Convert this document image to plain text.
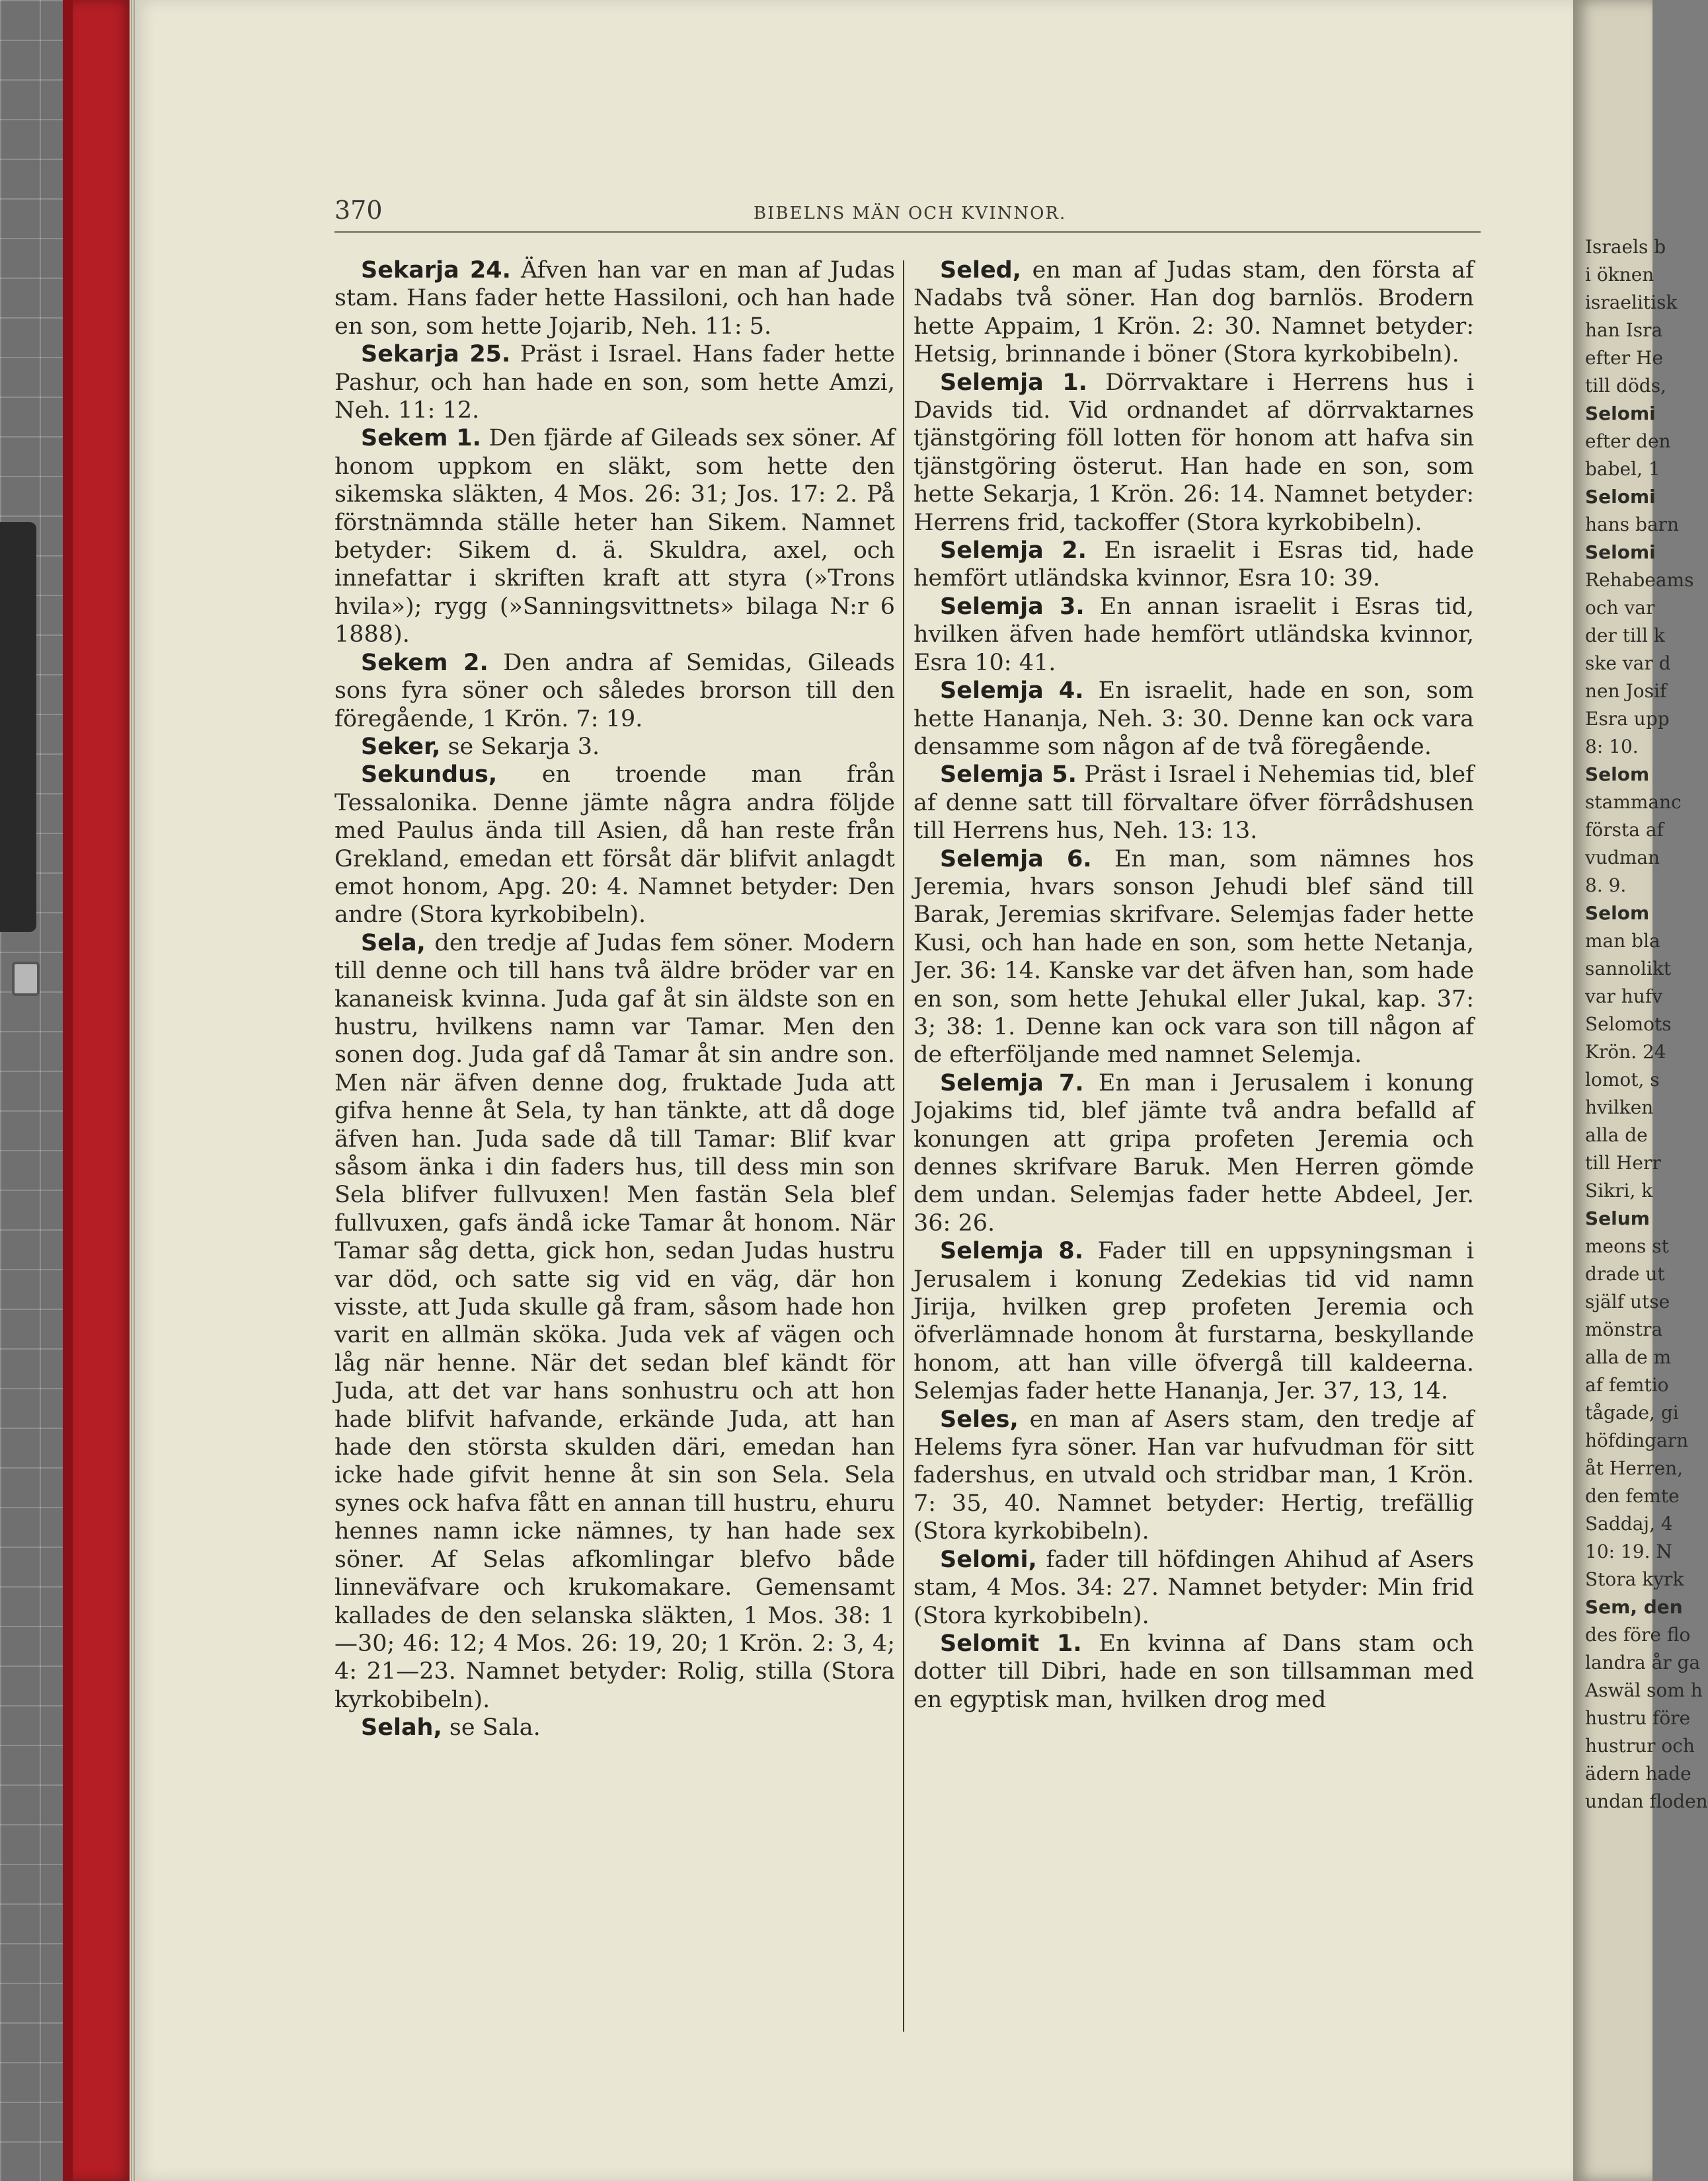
370	BIBELNS MÄN OCH KVINNOR.

Sekarja 24. Äfven han var en man af Judas stam. Hans fader hette Hassiloni, och han hade en son, som hette Jojarib, Neh. 11: 5.

Sekarja 25. Präst i Israel. Hans fader hette Pashur, och han hade en son, som hette Amzi, Neh. 11: 12.

Sekem 1. Den fjärde af Gileads sex söner. Af honom uppkom en släkt, som hette den sikemska släkten, 4 Mos. 26: 31; Jos. 17: 2. På förstnämnda ställe heter han Sikem. Namnet betyder: Sikem d. ä. Skuldra, axel, och innefattar i skriften kraft att styra (»Trons hvila»); rygg (»Sanningsvittnets» bilaga N:r 6 1888).

Sekem 2. Den andra af Semidas, Gileads sons fyra söner och således brorson till den föregående, 1 Krön. 7: 19.

Seker, se Sekarja 3.

Sekundus, en troende man från Tessalonika. Denne jämte några andra följde med Paulus ända till Asien, då han reste från Grekland, emedan ett försåt där blifvit anlagdt emot honom, Apg. 20: 4. Namnet betyder: Den andre (Stora kyrkobibeln).

Sela, den tredje af Judas fem söner. Modern till denne och till hans två äldre bröder var en kananeisk kvinna. Juda gaf åt sin äldste son en hustru, hvilkens namn var Tamar. Men den sonen dog. Juda gaf då Tamar åt sin andre son. Men när äfven denne dog, fruktade Juda att gifva henne åt Sela, ty han tänkte, att då doge äfven han. Juda sade då till Tamar: Blif kvar såsom änka i din faders hus, till dess min son Sela blifver fullvuxen! Men fastän Sela blef fullvuxen, gafs ändå icke Tamar åt honom. När Tamar såg detta, gick hon, sedan Judas hustru var död, och satte sig vid en väg, där hon visste, att Juda skulle gå fram, såsom hade hon varit en allmän sköka. Juda vek af vägen och låg när henne. När det sedan blef kändt för Juda, att det var hans sonhustru och att hon hade blifvit hafvande, erkände Juda, att han hade den största skulden däri, emedan han icke hade gifvit henne åt sin son Sela. Sela synes ock hafva fått en annan till hustru, ehuru hennes namn icke nämnes, ty han hade sex söner. Af Selas afkomlingar blefvo både linneväfvare och krukomakare. Gemensamt kallades de den selanska släkten, 1 Mos. 38: 1—30; 46: 12; 4 Mos. 26: 19, 20; 1 Krön. 2: 3, 4; 4: 21—23. Namnet betyder: Rolig, stilla (Stora kyrkobibeln).

Selah, se Sala.

Seled, en man af Judas stam, den första af Nadabs två söner. Han dog barnlös. Brodern hette Appaim, 1 Krön. 2: 30. Namnet betyder: Hetsig, brinnande i böner (Stora kyrkobibeln).

Selemja 1. Dörrvaktare i Herrens hus i Davids tid. Vid ordnandet af dörrvaktarnes tjänstgöring föll lotten för honom att hafva sin tjänstgöring österut. Han hade en son, som hette Sekarja, 1 Krön. 26: 14. Namnet betyder: Herrens frid, tackoffer (Stora kyrkobibeln).

Selemja 2. En israelit i Esras tid, hade hemfört utländska kvinnor, Esra 10: 39.

Selemja 3. En annan israelit i Esras tid, hvilken äfven hade hemfört utländska kvinnor, Esra 10: 41.

Selemja 4. En israelit, hade en son, som hette Hananja, Neh. 3: 30. Denne kan ock vara densamme som någon af de två föregående.

Selemja 5. Präst i Israel i Nehemias tid, blef af denne satt till förvaltare öfver förrådshusen till Herrens hus, Neh. 13: 13.

Selemja 6. En man, som nämnes hos Jeremia, hvars sonson Jehudi blef sänd till Barak, Jeremias skrifvare. Selemjas fader hette Kusi, och han hade en son, som hette Netanja, Jer. 36: 14. Kanske var det äfven han, som hade en son, som hette Jehukal eller Jukal, kap. 37: 3; 38: 1. Denne kan ock vara son till någon af de efterföljande med namnet Selemja.

Selemja 7. En man i Jerusalem i konung Jojakims tid, blef jämte två andra befalld af konungen att gripa profeten Jeremia och dennes skrifvare Baruk. Men Herren gömde dem undan. Selemjas fader hette Abdeel, Jer. 36: 26.

Selemja 8. Fader till en uppsyningsman i Jerusalem i konung Zedekias tid vid namn Jirija, hvilken grep profeten Jeremia och öfverlämnade honom åt furstarna, beskyllande honom, att han ville öfvergå till kaldeerna. Selemjas fader hette Hananja, Jer. 37, 13, 14.

Seles, en man af Asers stam, den tredje af Helems fyra söner. Han var hufvudman för sitt fadershus, en utvald och stridbar man, 1 Krön. 7: 35, 40. Namnet betyder: Hertig, trefällig (Stora kyrkobibeln).

Selomi, fader till höfdingen Ahihud af Asers stam, 4 Mos. 34: 27. Namnet betyder: Min frid (Stora kyrkobibeln).

Selomit 1. En kvinna af Dans stam och dotter till Dibri, hade en son tillsamman med en egyptisk man, hvilken drog med

Israels b
i öknen
israelitisk
han Isra
efter He
till döds,
Selomi
efter den
babel, 1
Selomi
hans barn
Selomi
Rehabeams
och var
der till k
ske var d
nen Josif
Esra upp
8: 10.
Selom
stammanc
första af
vudman
8. 9.
Selom
man bla
sannolikt
var hufv
Selomots
Krön. 24
lomot, s
hvilken
alla de
till Herr
Sikri, k
Selum
meons st
drade ut
själf utse
mönstra
alla de m
af femtio
tågade, gi
höfdingarn
åt Herren,
den femte
Saddaj, 4
10: 19. N
Stora kyrk
Sem, den
des före flo
landra år ga
Aswäl som h
hustru före
hustrur och
ädern hade
undan floden
